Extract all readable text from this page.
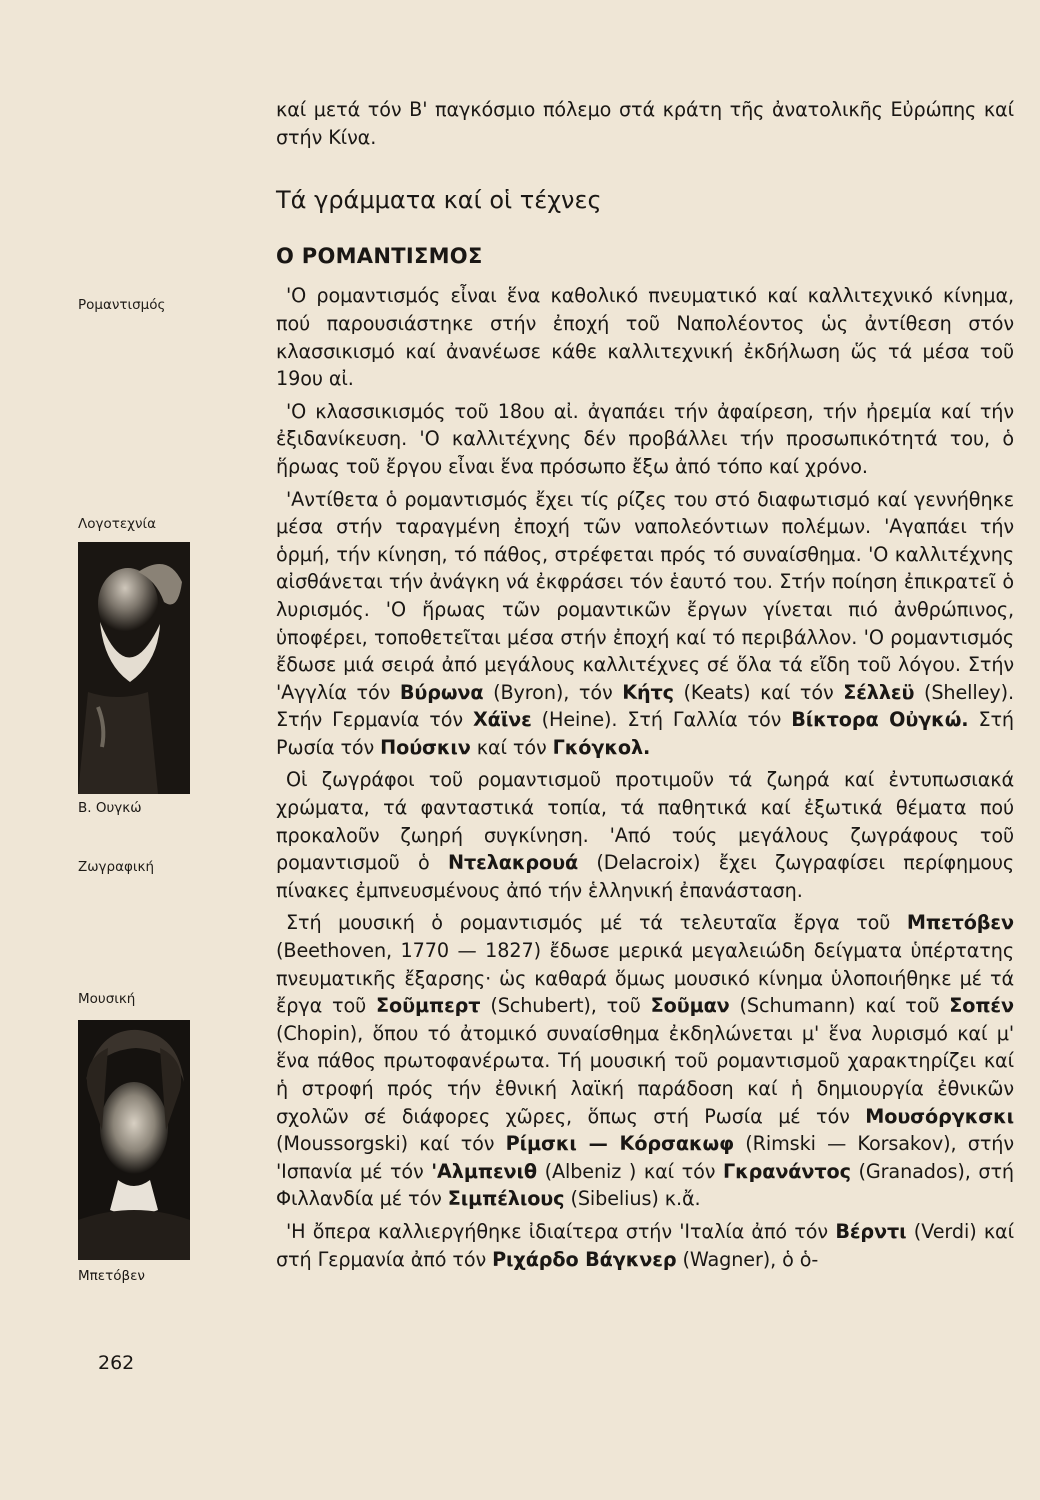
καί μετά τόν Β' παγκόσμιο πόλεμο στά κράτη τῆς ἀνατολικῆς Εὐρώπης καί στήν Κίνα.

Τά γράμματα καί οἱ τέχνες
Ο ΡΟΜΑΝΤΙΣΜΟΣ

'Ο ρομαντισμός εἶναι ἕνα καθολικό πνευματικό καί καλλιτεχνικό κίνημα, πού παρουσιάστηκε στήν ἐποχή τοῦ Ναπολέοντος ὡς ἀντίθεση στόν κλασσικισμό καί ἀνανέωσε κάθε καλλιτεχνική ἐκδήλωση ὥς τά μέσα τοῦ 19ου αἰ.

'Ο κλασσικισμός τοῦ 18ου αἰ. ἀγαπάει τήν ἀφαίρεση, τήν ἠρεμία καί τήν ἐξιδανίκευση. 'Ο καλλιτέχνης δέν προβάλλει τήν προσωπικότητά του, ὁ ἥρωας τοῦ ἔργου εἶναι ἕνα πρόσωπο ἔξω ἀπό τόπο καί χρόνο.

'Αντίθετα ὁ ρομαντισμός ἔχει τίς ρίζες του στό διαφωτισμό καί γεννήθηκε μέσα στήν ταραγμένη ἐποχή τῶν ναπολεόντιων πολέμων. 'Αγαπάει τήν ὁρμή, τήν κίνηση, τό πάθος, στρέφεται πρός τό συναίσθημα. 'Ο καλλιτέχνης αἰσθάνεται τήν ἀνάγκη νά ἐκφράσει τόν ἑαυτό του. Στήν ποίηση ἐπικρατεῖ ὁ λυρισμός. 'Ο ἥρωας τῶν ρομαντικῶν ἔργων γίνεται πιό ἀνθρώπινος, ὑποφέρει, τοποθετεῖται μέσα στήν ἐποχή καί τό περιβάλλον. 'Ο ρομαντισμός ἔδωσε μιά σειρά ἀπό μεγάλους καλλιτέχνες σέ ὅλα τά εἴδη τοῦ λόγου. Στήν 'Αγγλία τόν Βύρωνα (Byron), τόν Κήτς (Keats) καί τόν Σέλλεϋ (Shelley). Στήν Γερμανία τόν Χάϊνε (Heine). Στή Γαλλία τόν Βίκτορα Οὐγκώ. Στή Ρωσία τόν Πούσκιν καί τόν Γκόγκολ.

Οἱ ζωγράφοι τοῦ ρομαντισμοῦ προτιμοῦν τά ζωηρά καί ἐντυπωσιακά χρώματα, τά φανταστικά τοπία, τά παθητικά καί ἐξωτικά θέματα πού προκαλοῦν ζωηρή συγκίνηση. 'Από τούς μεγάλους ζωγράφους τοῦ ρομαντισμοῦ ὁ Ντελακρουά (Delacroix) ἔχει ζωγραφίσει περίφημους πίνακες ἐμπνευσμένους ἀπό τήν ἑλληνική ἐπανάσταση.

Στή μουσική ὁ ρομαντισμός μέ τά τελευταῖα ἔργα τοῦ Μπετόβεν (Beethoven, 1770 — 1827) ἔδωσε μερικά μεγαλειώδη δείγματα ὑπέρτατης πνευματικῆς ἔξαρσης· ὡς καθαρά ὅμως μουσικό κίνημα ὑλοποιήθηκε μέ τά ἔργα τοῦ Σοῦμπερτ (Schubert), τοῦ Σοῦμαν (Schumann) καί τοῦ Σοπέν (Chopin), ὅπου τό ἀτομικό συναίσθημα ἐκδηλώνεται μ' ἕνα λυρισμό καί μ' ἕνα πάθος πρωτοφανέρωτα. Τή μουσική τοῦ ρομαντισμοῦ χαρακτηρίζει καί ἡ στροφή πρός τήν ἐθνική λαϊκή παράδοση καί ἡ δημιουργία ἐθνικῶν σχολῶν σέ διάφορες χῶρες, ὅπως στή Ρωσία μέ τόν Μουσόργκσκι (Moussorgski) καί τόν Ρίμσκι — Κόρσακωφ (Rimski — Korsakov), στήν 'Ισπανία μέ τόν 'Αλμπενιθ (Albeniz ) καί τόν Γκρανάντος (Granados), στή Φιλλανδία μέ τόν Σιμπέλιους (Sibelius) κ.ἄ.

'Η ὄπερα καλλιεργήθηκε ἰδιαίτερα στήν 'Ιταλία ἀπό τόν Βέρντι (Verdi) καί στή Γερμανία ἀπό τόν Ριχάρδο Βάγκνερ (Wagner), ὁ ὁ-

Ρομαντισμός
Λογοτεχνία
Β. Ουγκώ
Ζωγραφική
Μουσική
Μπετόβεν
262
